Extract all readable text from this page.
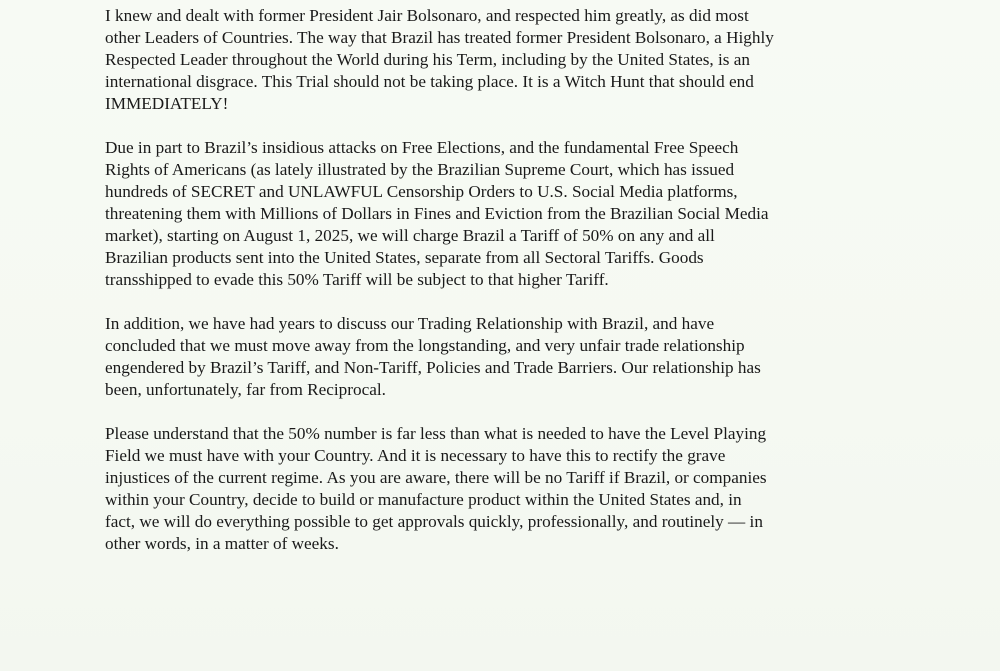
I knew and dealt with former President Jair Bolsonaro, and respected him greatly, as did most
other Leaders of Countries. The way that Brazil has treated former President Bolsonaro, a Highly
Respected Leader throughout the World during his Term, including by the United States, is an
international disgrace. This Trial should not be taking place. It is a Witch Hunt that should end
IMMEDIATELY!

Due in part to Brazil’s insidious attacks on Free Elections, and the fundamental Free Speech
Rights of Americans (as lately illustrated by the Brazilian Supreme Court, which has issued
hundreds of SECRET and UNLAWFUL Censorship Orders to U.S. Social Media platforms,
threatening them with Millions of Dollars in Fines and Eviction from the Brazilian Social Media
market), starting on August 1, 2025, we will charge Brazil a Tariff of 50% on any and all
Brazilian products sent into the United States, separate from all Sectoral Tariffs. Goods
transshipped to evade this 50% Tariff will be subject to that higher Tariff.

In addition, we have had years to discuss our Trading Relationship with Brazil, and have
concluded that we must move away from the longstanding, and very unfair trade relationship
engendered by Brazil’s Tariff, and Non-Tariff, Policies and Trade Barriers. Our relationship has
been, unfortunately, far from Reciprocal.

Please understand that the 50% number is far less than what is needed to have the Level Playing
Field we must have with your Country. And it is necessary to have this to rectify the grave
injustices of the current regime. As you are aware, there will be no Tariff if Brazil, or companies
within your Country, decide to build or manufacture product within the United States and, in
fact, we will do everything possible to get approvals quickly, professionally, and routinely — in
other words, in a matter of weeks.
